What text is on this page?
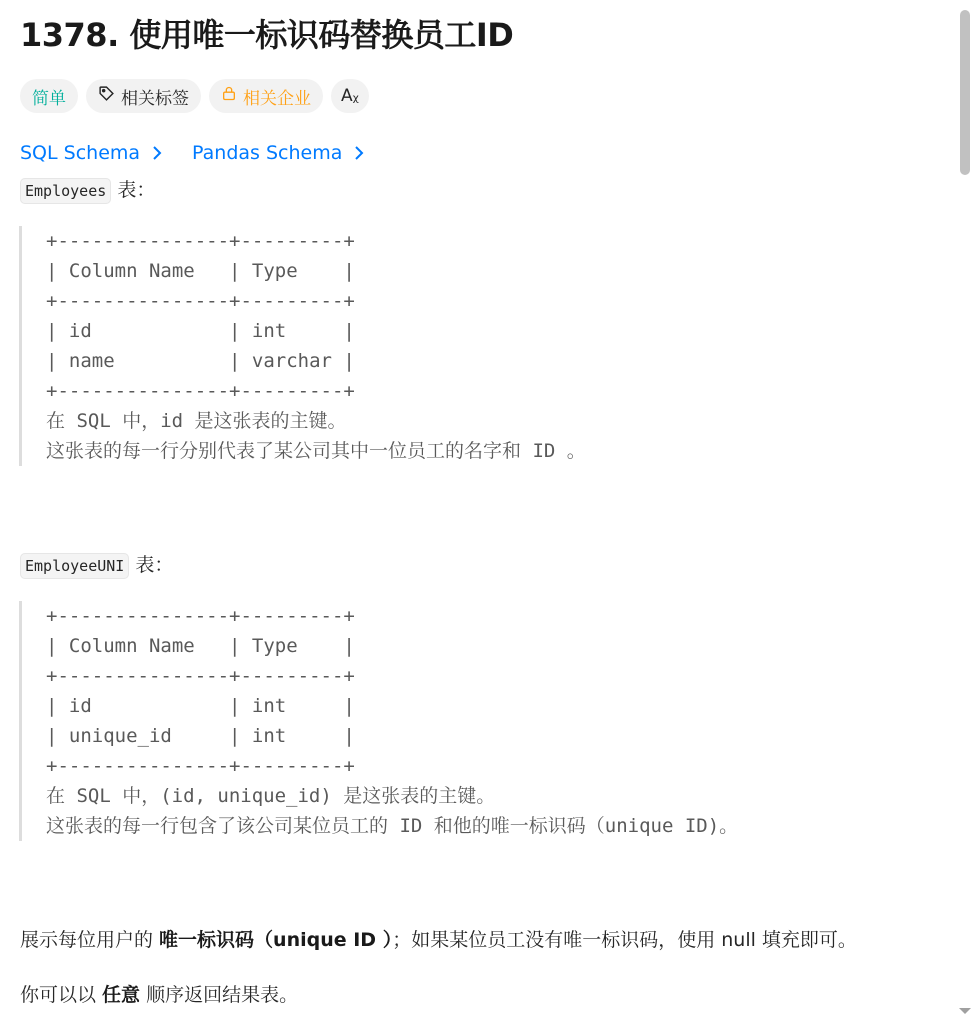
1378. 使用唯一标识码替换员工ID
简单	相关标签	相关企业 Aᵪ
SQL Schema	Pandas Schema
Employees 表：
+---------------+---------+
| Column Name   | Type    |
+---------------+---------+
| id            | int     |
| name          | varchar |
+---------------+---------+
在 SQL 中，id 是这张表的主键。
这张表的每一行分别代表了某公司其中一位员工的名字和 ID 。
EmployeeUNI 表：
+---------------+---------+
| Column Name   | Type    |
+---------------+---------+
| id            | int     |
| unique_id     | int     |
+---------------+---------+
在 SQL 中，(id, unique_id) 是这张表的主键。
这张表的每一行包含了该公司某位员工的 ID 和他的唯一标识码（unique ID)。
展示每位用户的 唯一标识码（unique ID ）；如果某位员工没有唯一标识码，使用 null 填充即可。
你可以以 任意 顺序返回结果表。
